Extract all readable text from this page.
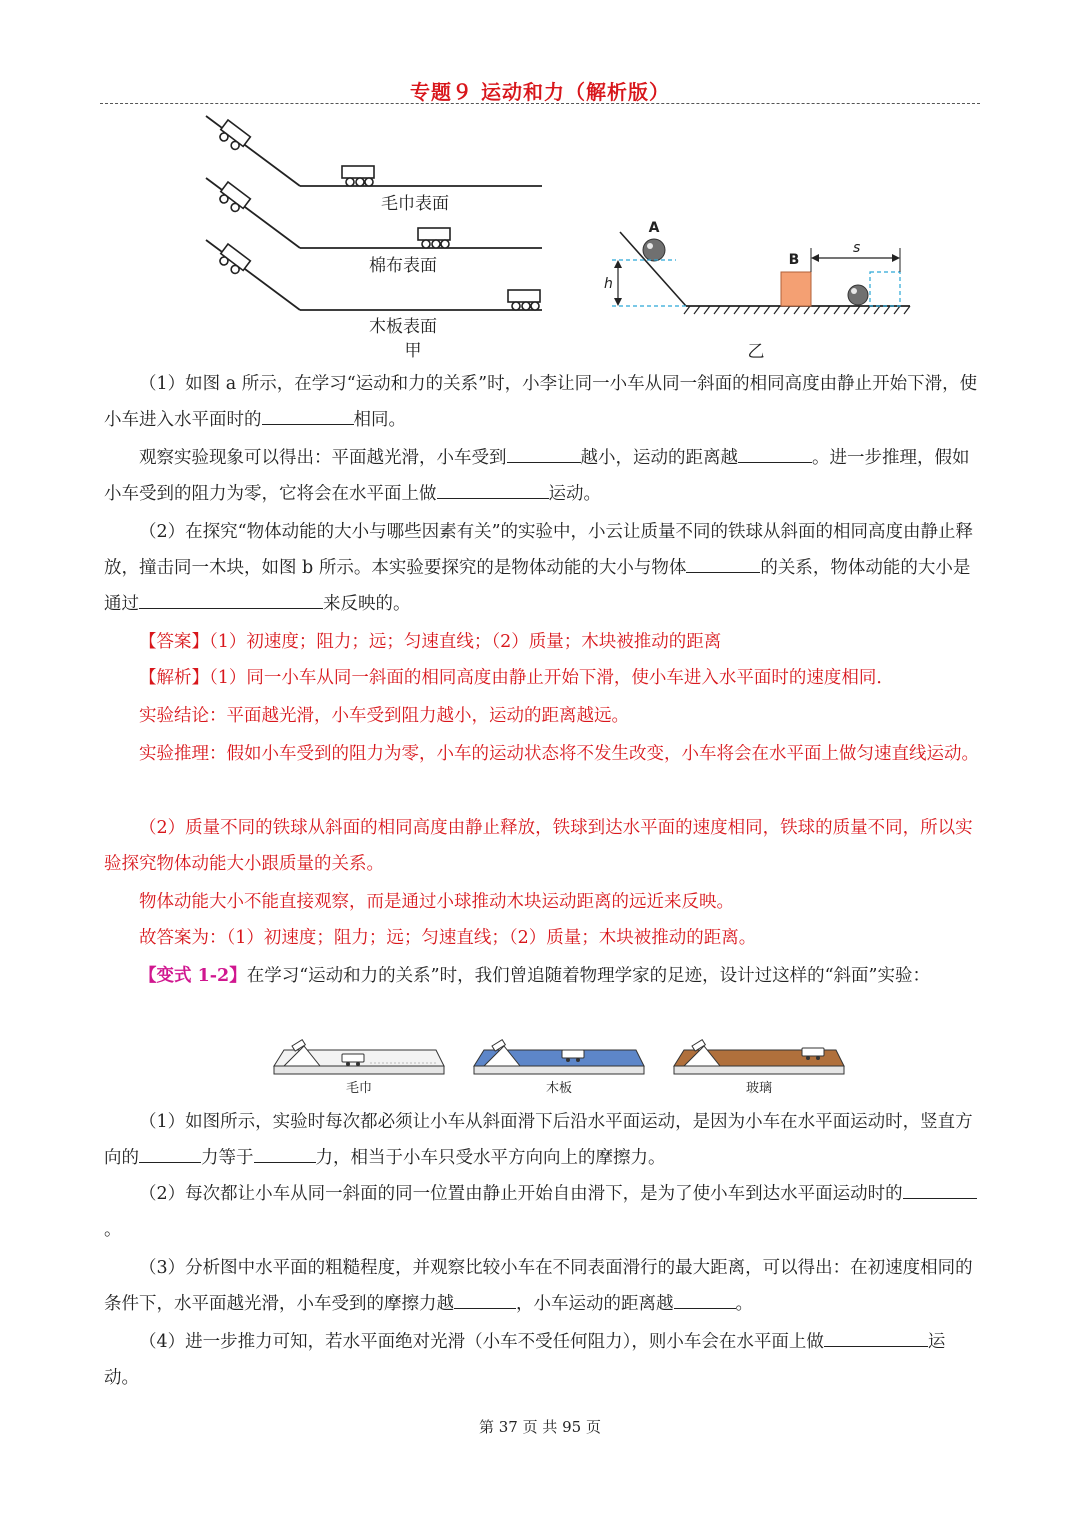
专题９ 运动和力（解析版）
毛巾表面
棉布表面
木板表面
甲
A
h
B
s
乙
（1）如图 a 所示，在学习“运动和力的关系”时，小李让同一小车从同一斜面的相同高度由静止开始下滑，使小车进入水平面时的	相同。
观察实验现象可以得出：平面越光滑，小车受到	越小，运动的距离越	。进一步推理，假如小车受到的阻力为零，它将会在水平面上做	运动。
（2）在探究“物体动能的大小与哪些因素有关”的实验中，小云让质量不同的铁球从斜面的相同高度由静止释放，撞击同一木块，如图 b 所示。本实验要探究的是物体动能的大小与物体	的关系，物体动能的大小是通过	来反映的。
【答案】（1）初速度；阻力；远；匀速直线；（2）质量；木块被推动的距离
【解析】（1）同一小车从同一斜面的相同高度由静止开始下滑，使小车进入水平面时的速度相同．
实验结论：平面越光滑，小车受到阻力越小，运动的距离越远。
实验推理：假如小车受到的阻力为零，小车的运动状态将不发生改变，小车将会在水平面上做匀速直线运动。
（2）质量不同的铁球从斜面的相同高度由静止释放，铁球到达水平面的速度相同，铁球的质量不同，所以实验探究物体动能大小跟质量的关系。
物体动能大小不能直接观察，而是通过小球推动木块运动距离的远近来反映。
故答案为：（1）初速度；阻力；远；匀速直线；（2）质量；木块被推动的距离。
【变式 1-2】在学习“运动和力的关系”时，我们曾追随着物理学家的足迹，设计过这样的“斜面”实验：
毛巾	木板	玻璃
（1）如图所示，实验时每次都必须让小车从斜面滑下后沿水平面运动，是因为小车在水平面运动时，竖直方向的	力等于	力，相当于小车只受水平方向向上的摩擦力。
（2）每次都让小车从同一斜面的同一位置由静止开始自由滑下，是为了使小车到达水平面运动时的。
（3）分析图中水平面的粗糙程度，并观察比较小车在不同表面滑行的最大距离，可以得出：在初速度相同的条件下，水平面越光滑，小车受到的摩擦力越	，小车运动的距离越	。
（4）进一步推力可知，若水平面绝对光滑（小车不受任何阻力），则小车会在水平面上做	运动。
第 37 页 共 95 页
